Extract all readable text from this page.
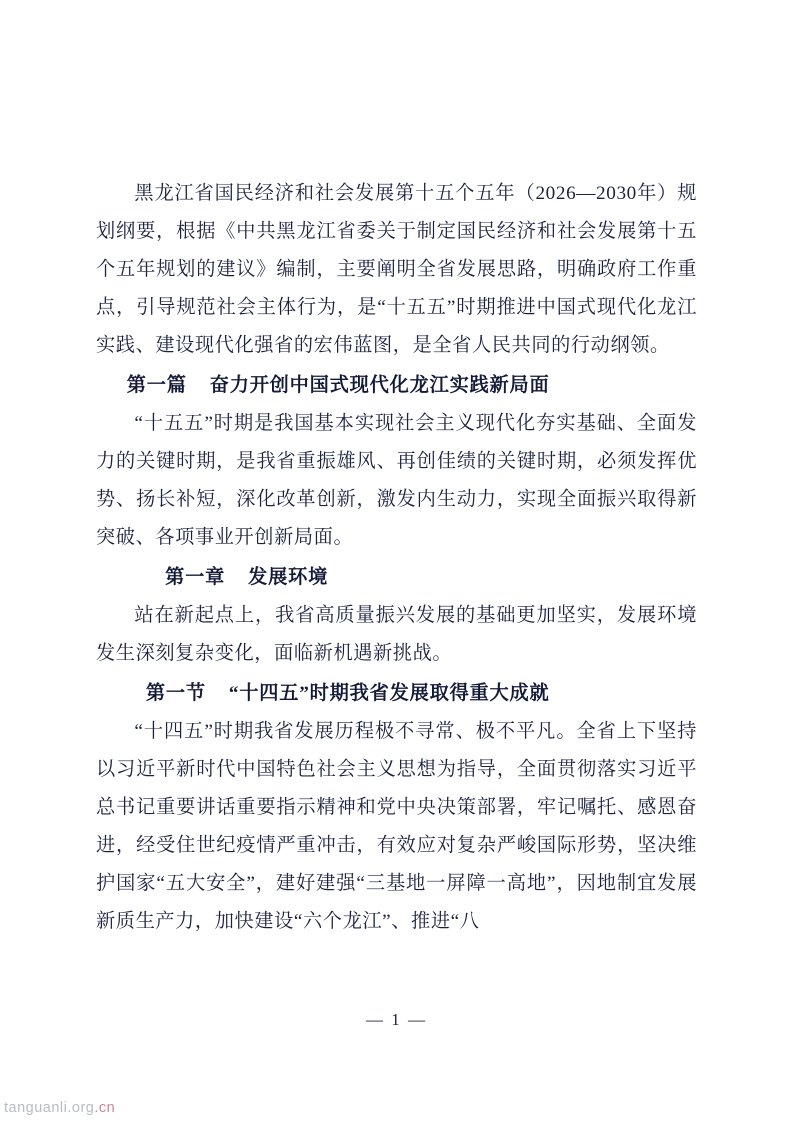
黑龙江省国民经济和社会发展第十五个五年（2026—2030年）规划纲要，根据《中共黑龙江省委关于制定国民经济和社会发展第十五个五年规划的建议》编制，主要阐明全省发展思路，明确政府工作重点，引导规范社会主体行为，是“十五五”时期推进中国式现代化龙江实践、建设现代化强省的宏伟蓝图，是全省人民共同的行动纲领。

第一篇 奋力开创中国式现代化龙江实践新局面

“十五五”时期是我国基本实现社会主义现代化夯实基础、全面发力的关键时期，是我省重振雄风、再创佳绩的关键时期，必须发挥优势、扬长补短，深化改革创新，激发内生动力，实现全面振兴取得新突破、各项事业开创新局面。

第一章 发展环境

站在新起点上，我省高质量振兴发展的基础更加坚实，发展环境发生深刻复杂变化，面临新机遇新挑战。

第一节 “十四五”时期我省发展取得重大成就

“十四五”时期我省发展历程极不寻常、极不平凡。全省上下坚持以习近平新时代中国特色社会主义思想为指导，全面贯彻落实习近平总书记重要讲话重要指示精神和党中央决策部署，牢记嘱托、感恩奋进，经受住世纪疫情严重冲击，有效应对复杂严峻国际形势，坚决维护国家“五大安全”，建好建强“三基地一屏障一高地”，因地制宜发展新质生产力，加快建设“六个龙江”、推进“八

— 1 —
tanguanli.org.cn
